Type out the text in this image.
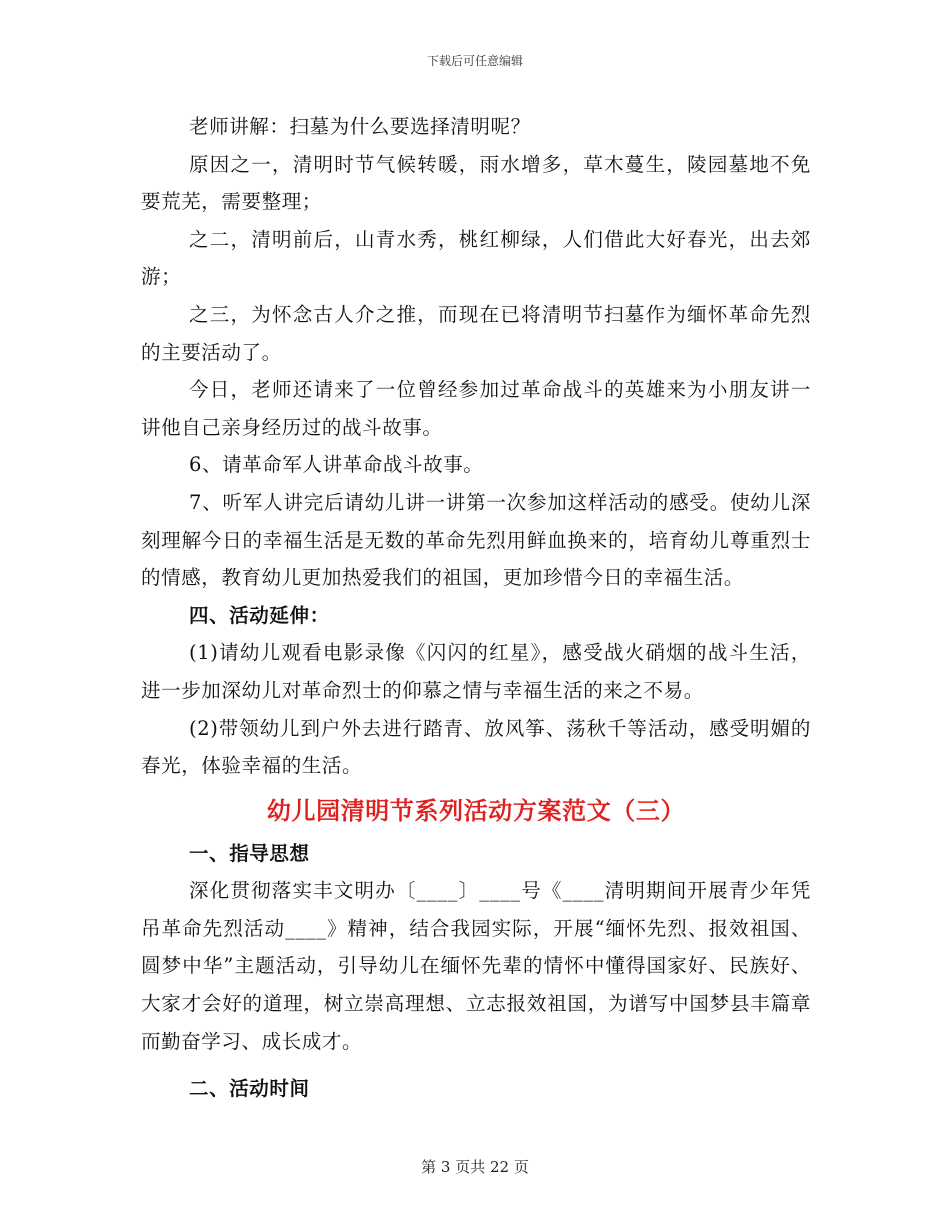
下载后可任意编辑

老师讲解：扫墓为什么要选择清明呢？

原因之一，清明时节气候转暖，雨水增多，草木蔓生，陵园墓地不免要荒芜，需要整理；

之二，清明前后，山青水秀，桃红柳绿，人们借此大好春光，出去郊游；

之三，为怀念古人介之推，而现在已将清明节扫墓作为缅怀革命先烈的主要活动了。

今日，老师还请来了一位曾经参加过革命战斗的英雄来为小朋友讲一讲他自己亲身经历过的战斗故事。

6、请革命军人讲革命战斗故事。

7、听军人讲完后请幼儿讲一讲第一次参加这样活动的感受。使幼儿深刻理解今日的幸福生活是无数的革命先烈用鲜血换来的，培育幼儿尊重烈士的情感，教育幼儿更加热爱我们的祖国，更加珍惜今日的幸福生活。

四、活动延伸：

(1)请幼儿观看电影录像《闪闪的红星》，感受战火硝烟的战斗生活，进一步加深幼儿对革命烈士的仰慕之情与幸福生活的来之不易。

(2)带领幼儿到户外去进行踏青、放风筝、荡秋千等活动，感受明媚的春光，体验幸福的生活。

幼儿园清明节系列活动方案范文（三）

一、指导思想

深化贯彻落实丰文明办〔____〕____号《____清明期间开展青少年凭吊革命先烈活动____》精神，结合我园实际，开展“缅怀先烈、报效祖国、圆梦中华”主题活动，引导幼儿在缅怀先辈的情怀中懂得国家好、民族好、大家才会好的道理，树立崇高理想、立志报效祖国，为谱写中国梦县丰篇章而勤奋学习、成长成才。

二、活动时间

第 3 页共 22 页
